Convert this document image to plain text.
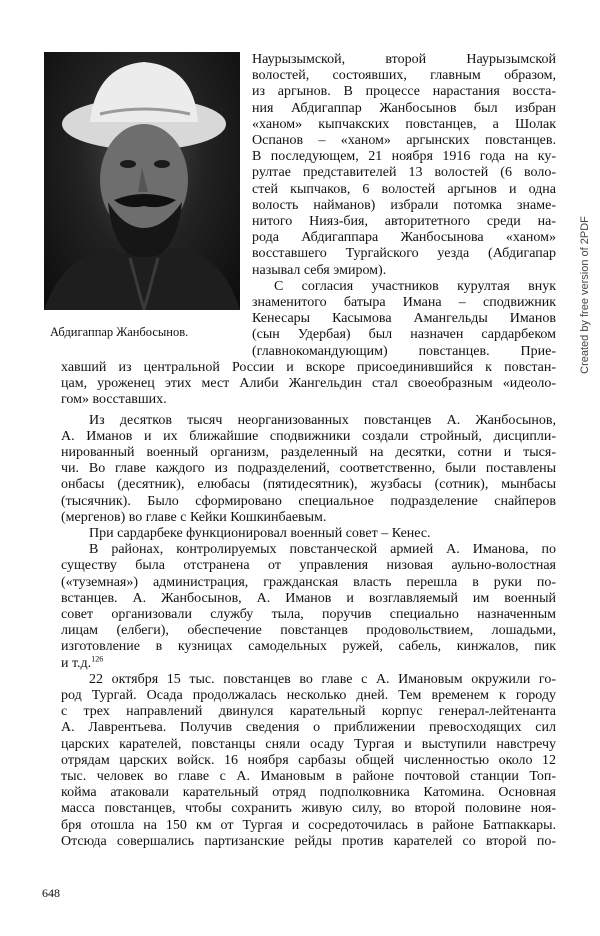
Абдигаппар Жанбосынов.
Наурызымской, второй Наурызымской
волостей, состоявших, главным образом,
из аргынов. В процессе нарастания восста-
ния Абдигаппар Жанбосынов был избран
«ханом» кыпчакских повстанцев, а Шолак
Оспанов – «ханом» аргынских повстанцев.
В последующем, 21 ноября 1916 года на ку-
рултае представителей 13 волостей (6 воло-
стей кыпчаков, 6 волостей аргынов и одна
волость найманов) избрали потомка знаме-
нитого Нияз-бия, авторитетного среди на-
рода Абдигаппара Жанбосынова «ханом»
восставшего Тургайского уезда (Абдигапар
называл себя эмиром).
С согласия участников курултая внук
знаменитого батыра Имана – сподвижник
Кенесары Касымова Амангельды Иманов
(сын Удербая) был назначен сардарбеком
(главнокомандующим) повстанцев. Прие-
хавший из центральной России и вскоре присоединившийся к повстан-
цам, уроженец этих мест Алиби Жангельдин стал своеобразным «идеоло-
гом» восставших.
Из десятков тысяч неорганизованных повстанцев А. Жанбосынов,
А. Иманов и их ближайшие сподвижники создали стройный, дисципли-
нированный военный организм, разделенный на десятки, сотни и тыся-
чи. Во главе каждого из подразделений, соответственно, были поставлены
онбасы (десятник), елюбасы (пятидесятник), жузбасы (сотник), мынбасы
(тысячник). Было сформировано специальное подразделение снайперов
(мергенов) во главе с Кейки Кошкинбаевым.
При сардарбеке функционировал военный совет – Кенес.
В районах, контролируемых повстанческой армией А. Иманова, по
существу была отстранена от управления низовая аульно-волостная
(«туземная») администрация, гражданская власть перешла в руки по-
встанцев. А. Жанбосынов, А. Иманов и возглавляемый им военный
совет организовали службу тыла, поручив специально назначенным
лицам (елбеги), обеспечение повстанцев продовольствием, лошадьми,
изготовление в кузницах самодельных ружей, сабель, кинжалов, пик
и т.д.$^{126}$
22 октября 15 тыс. повстанцев во главе с А. Имановым окружили го-
род Тургай. Осада продолжалась несколько дней. Тем временем к городу
с трех направлений двинулся карательный корпус генерал-лейтенанта
А. Лаврентьева. Получив сведения о приближении превосходящих сил
царских карателей, повстанцы сняли осаду Тургая и выступили навстречу
отрядам царских войск. 16 ноября сарбазы общей численностью около 12
тыс. человек во главе с А. Имановым в районе почтовой станции Топ-
койма атаковали карательный отряд подполковника Катомина. Основная
масса повстанцев, чтобы сохранить живую силу, во второй половине ноя-
бря отошла на 150 км от Тургая и сосредоточилась в районе Батпаккары.
Отсюда совершались партизанские рейды против карателей со второй по-
648
Created by free version of 2PDF
